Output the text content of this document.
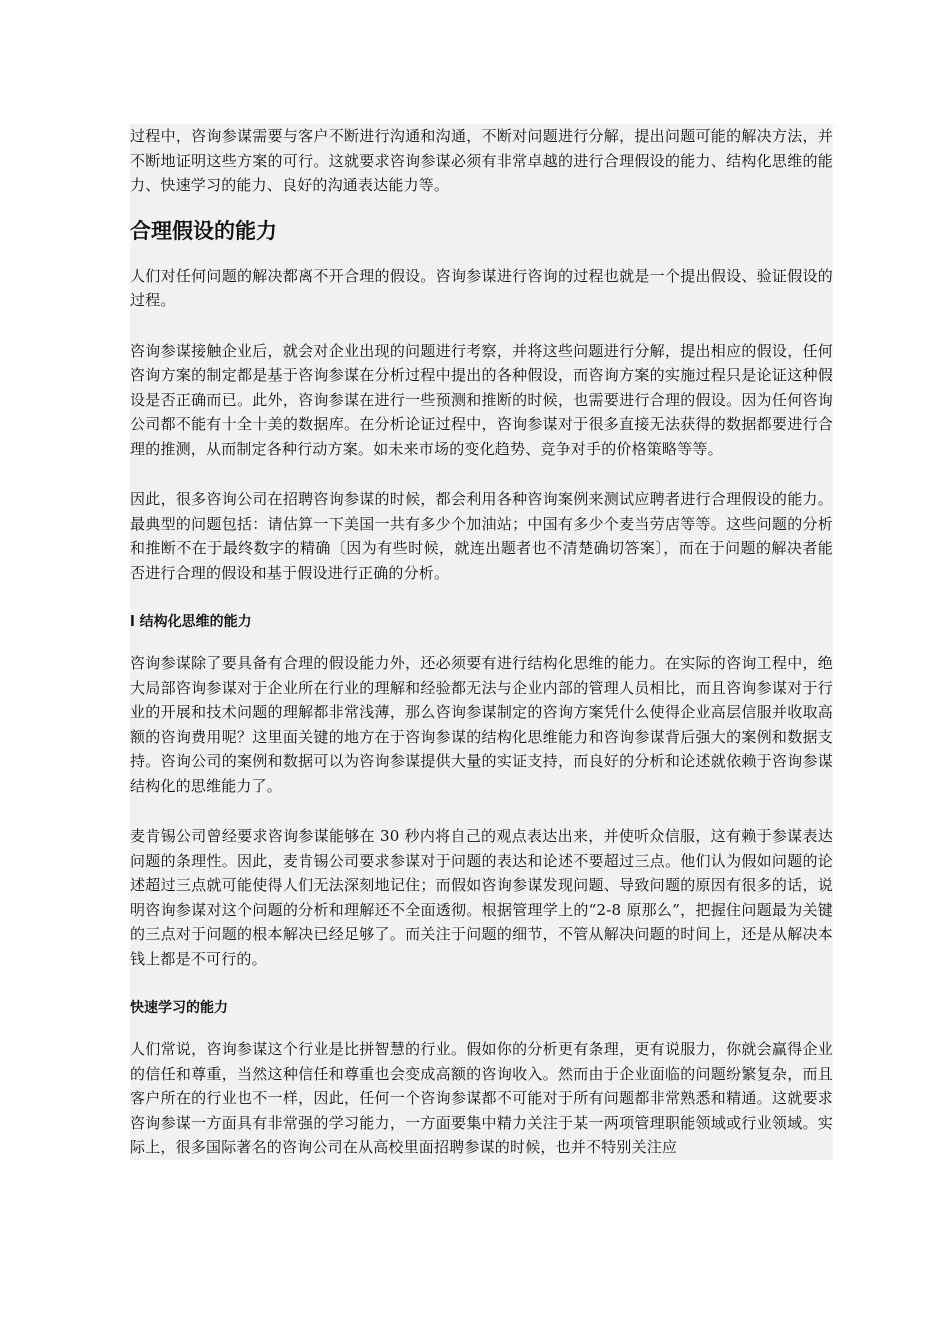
过程中，咨询参谋需要与客户不断进行沟通和沟通，不断对问题进行分解，提出问题可能的解决方法，并不断地证明这些方案的可行。这就要求咨询参谋必须有非常卓越的进行合理假设的能力、结构化思维的能力、快速学习的能力、良好的沟通表达能力等。

合理假设的能力

人们对任何问题的解决都离不开合理的假设。咨询参谋进行咨询的过程也就是一个提出假设、验证假设的过程。

咨询参谋接触企业后，就会对企业出现的问题进行考察，并将这些问题进行分解，提出相应的假设，任何咨询方案的制定都是基于咨询参谋在分析过程中提出的各种假设，而咨询方案的实施过程只是论证这种假设是否正确而已。此外，咨询参谋在进行一些预测和推断的时候，也需要进行合理的假设。因为任何咨询公司都不能有十全十美的数据库。在分析论证过程中，咨询参谋对于很多直接无法获得的数据都要进行合理的推测，从而制定各种行动方案。如未来市场的变化趋势、竞争对手的价格策略等等。

因此，很多咨询公司在招聘咨询参谋的时候，都会利用各种咨询案例来测试应聘者进行合理假设的能力。最典型的问题包括：请估算一下美国一共有多少个加油站；中国有多少个麦当劳店等等。这些问题的分析和推断不在于最终数字的精确〔因为有些时候，就连出题者也不清楚确切答案〕，而在于问题的解决者能否进行合理的假设和基于假设进行正确的分析。

l 结构化思维的能力

咨询参谋除了要具备有合理的假设能力外，还必须要有进行结构化思维的能力。在实际的咨询工程中，绝大局部咨询参谋对于企业所在行业的理解和经验都无法与企业内部的管理人员相比，而且咨询参谋对于行业的开展和技术问题的理解都非常浅薄，那么咨询参谋制定的咨询方案凭什么使得企业高层信服并收取高额的咨询费用呢？这里面关键的地方在于咨询参谋的结构化思维能力和咨询参谋背后强大的案例和数据支持。咨询公司的案例和数据可以为咨询参谋提供大量的实证支持，而良好的分析和论述就依赖于咨询参谋结构化的思维能力了。

麦肯锡公司曾经要求咨询参谋能够在 30 秒内将自己的观点表达出来，并使听众信服，这有赖于参谋表达问题的条理性。因此，麦肯锡公司要求参谋对于问题的表达和论述不要超过三点。他们认为假如问题的论述超过三点就可能使得人们无法深刻地记住；而假如咨询参谋发现问题、导致问题的原因有很多的话，说明咨询参谋对这个问题的分析和理解还不全面透彻。根据管理学上的“2-8 原那么”，把握住问题最为关键的三点对于问题的根本解决已经足够了。而关注于问题的细节，不管从解决问题的时间上，还是从解决本钱上都是不可行的。

快速学习的能力

人们常说，咨询参谋这个行业是比拼智慧的行业。假如你的分析更有条理，更有说服力，你就会赢得企业的信任和尊重，当然这种信任和尊重也会变成高额的咨询收入。然而由于企业面临的问题纷繁复杂，而且客户所在的行业也不一样，因此，任何一个咨询参谋都不可能对于所有问题都非常熟悉和精通。这就要求咨询参谋一方面具有非常强的学习能力，一方面要集中精力关注于某一两项管理职能领域或行业领域。实际上，很多国际著名的咨询公司在从高校里面招聘参谋的时候，也并不特别关注应
